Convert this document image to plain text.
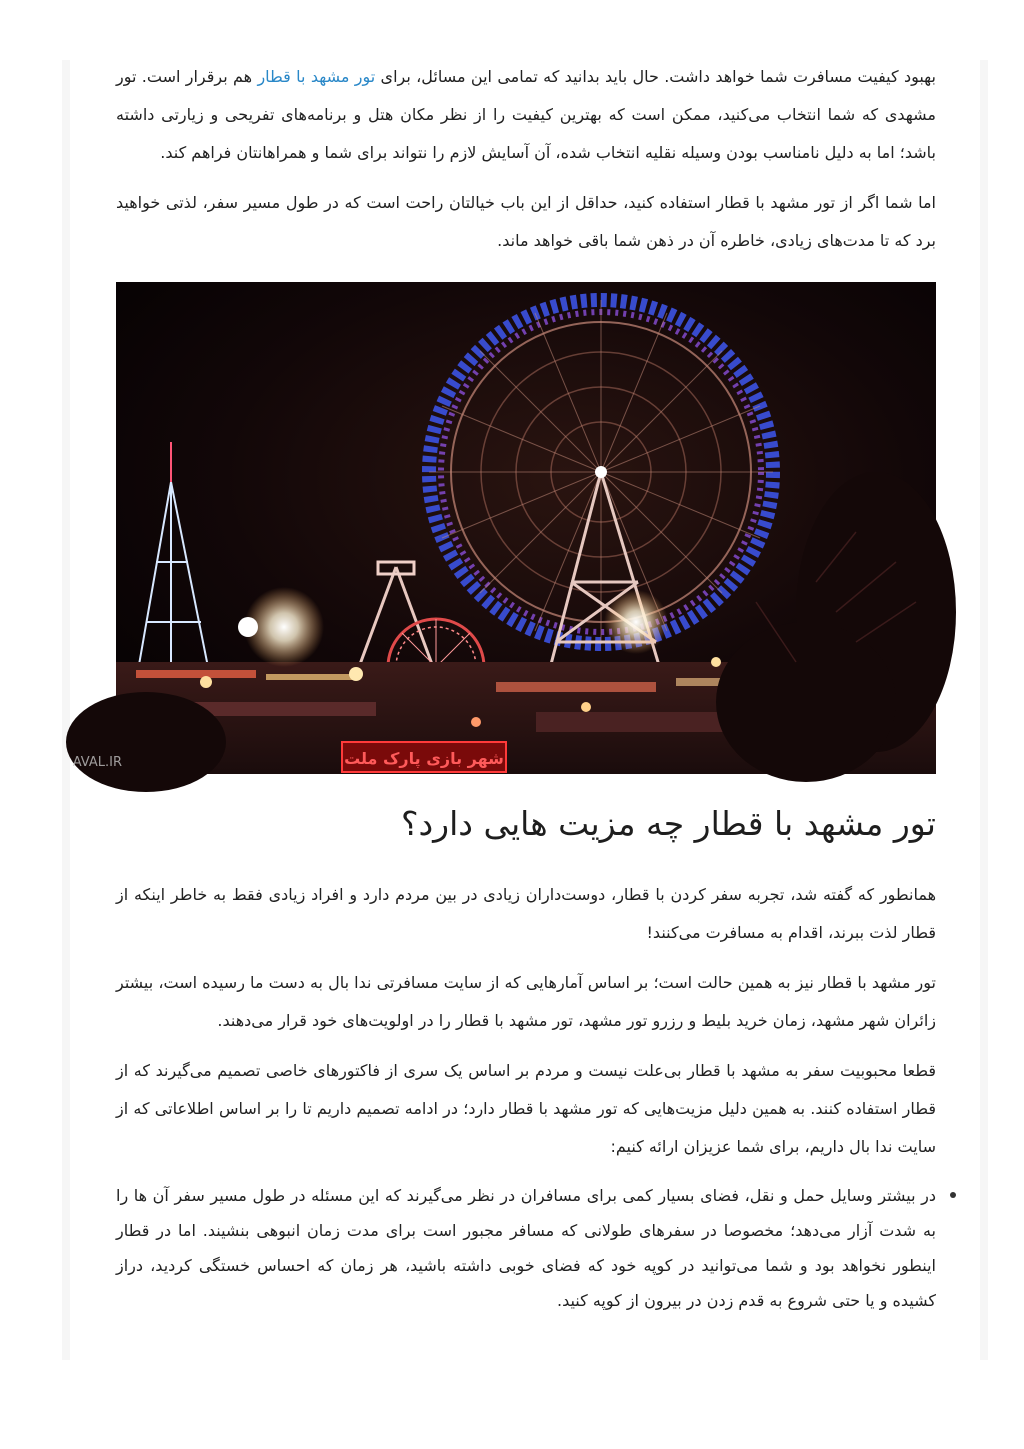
بهبود کیفیت مسافرت شما خواهد داشت. حال باید بدانید که تمامی این مسائل، برای تور مشهد با قطار هم برقرار است. تور مشهدی که شما انتخاب می‌کنید، ممکن است که بهترین کیفیت را از نظر مکان هتل و برنامه‌های تفریحی و زیارتی داشته باشد؛ اما به دلیل نامناسب بودن وسیله نقلیه انتخاب شده، آن آسایش لازم را نتواند برای شما و همراهانتان فراهم کند.

اما شما اگر از تور مشهد با قطار استفاده کنید، حداقل از این باب خیالتان راحت است که در طول مسیر سفر، لذتی خواهید برد که تا مدت‌های زیادی، خاطره آن در ذهن شما باقی خواهد ماند.

شهر بازی پارک ملت
AVAL.IR
تور مشهد با قطار چه مزیت هایی دارد؟

همانطور که گفته شد، تجربه سفر کردن با قطار، دوست‌داران زیادی در بین مردم دارد و افراد زیادی فقط به خاطر اینکه از قطار لذت ببرند، اقدام به مسافرت می‌کنند!

تور مشهد با قطار نیز به همین حالت است؛ بر اساس آمارهایی که از سایت مسافرتی ندا بال به دست ما رسیده است، بیشتر زائران شهر مشهد، زمان خرید بلیط و رزرو تور مشهد، تور مشهد با قطار را در اولویت‌های خود قرار می‌دهند.

قطعا محبوبیت سفر به مشهد با قطار بی‌علت نیست و مردم بر اساس یک سری از فاکتورهای خاصی تصمیم می‌گیرند که از قطار استفاده کنند. به همین دلیل مزیت‌هایی که تور مشهد با قطار دارد؛ در ادامه تصمیم داریم تا را بر اساس اطلاعاتی که از سایت ندا بال داریم، برای شما عزیزان ارائه کنیم:

در بیشتر وسایل حمل و نقل، فضای بسیار کمی برای مسافران در نظر می‌گیرند که این مسئله در طول مسیر سفر آن ها را به شدت آزار می‌دهد؛ مخصوصا در سفرهای طولانی که مسافر مجبور است برای مدت زمان انبوهی بنشیند. اما در قطار اینطور نخواهد بود و شما می‌توانید در کوپه خود که فضای خوبی داشته باشید، هر زمان که احساس خستگی کردید، دراز کشیده و یا حتی شروع به قدم زدن در بیرون از کوپه کنید.
